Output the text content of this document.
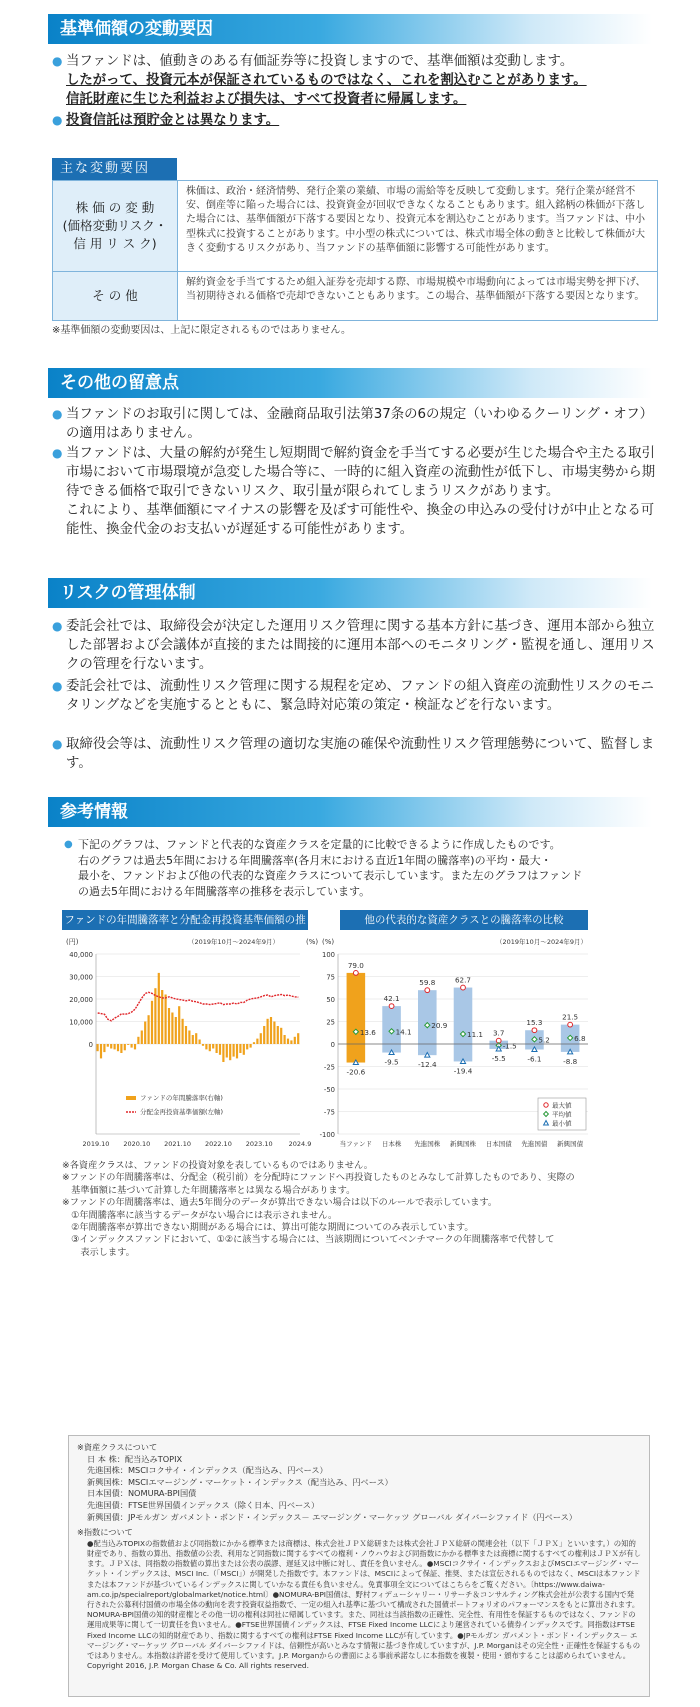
基準価額の変動要因
● 当ファンドは、値動きのある有価証券等に投資しますので、基準価額は変動します。
したがって、投資元本が保証されているものではなく、これを割込むことがあります。
信託財産に生じた利益および損失は、すべて投資者に帰属します。
● 投資信託は預貯金とは異なります。
主な変動要因
株 価 の 変 動
(価格変動リスク・
信 用 リ ス ク)
株価は、政治・経済情勢、発行企業の業績、市場の需給等を反映して変動します。発行企業が経営不安、倒産等に陥った場合には、投資資金が回収できなくなることもあります。組入銘柄の株価が下落した場合には、基準価額が下落する要因となり、投資元本を割込むことがあります。当ファンドは、中小型株式に投資することがあります。中小型の株式については、株式市場全体の動きと比較して株価が大きく変動するリスクがあり、当ファンドの基準価額に影響する可能性があります。
そ の 他
解約資金を手当てするため組入証券を売却する際、市場規模や市場動向によっては市場実勢を押下げ、当初期待される価格で売却できないこともあります。この場合、基準価額が下落する要因となります。
※基準価額の変動要因は、上記に限定されるものではありません。
その他の留意点
● 当ファンドのお取引に関しては、金融商品取引法第37条の6の規定（いわゆるクーリング・オフ）の適用はありません。
● 当ファンドは、大量の解約が発生し短期間で解約資金を手当てする必要が生じた場合や主たる取引市場において市場環境が急変した場合等に、一時的に組入資産の流動性が低下し、市場実勢から期待できる価格で取引できないリスク、取引量が限られてしまうリスクがあります。
これにより、基準価額にマイナスの影響を及ぼす可能性や、換金の申込みの受付けが中止となる可能性、換金代金のお支払いが遅延する可能性があります。
リスクの管理体制
● 委託会社では、取締役会が決定した運用リスク管理に関する基本方針に基づき、運用本部から独立した部署および会議体が直接的または間接的に運用本部へのモニタリング・監視を通し、運用リスクの管理を行ないます。
● 委託会社では、流動性リスク管理に関する規程を定め、ファンドの組入資産の流動性リスクのモニタリングなどを実施するとともに、緊急時対応策の策定・検証などを行ないます。
● 取締役会等は、流動性リスク管理の適切な実施の確保や流動性リスク管理態勢について、監督します。
参考情報
● 下記のグラフは、ファンドと代表的な資産クラスを定量的に比較できるように作成したものです。
右のグラフは過去5年間における年間騰落率(各月末における直近1年間の騰落率)の平均・最大・
最小を、ファンドおよび他の代表的な資産クラスについて表示しています。また左のグラフはファンド
の過去5年間における年間騰落率の推移を表示しています。
ファンドの年間騰落率と分配金再投資基準価額の推移
(円)	（2019年10月～2024年9月）	(%)
40,000
30,000
20,000
10,000
0
2019.10 2020.10 2021.10 2022.10 2023.10 2024.9
ファンドの年間騰落率(右軸)
分配金再投資基準価額(左軸)
他の代表的な資産クラスとの騰落率の比較
(%)	（2019年10月～2024年9月）
100
75
50
25
0
-25
-50
-75
-100
79.0
13.6
-20.6
当ファンド
42.1
14.1
-9.5
日本株
59.8
20.9
-12.4
先進国株
62.7
11.1
-19.4
新興国株
3.7
-1.5
-5.5
日本国債
15.3
5.2
-6.1
先進国債
21.5
6.8
-8.8
新興国債
最大値
平均値
最小値
※各資産クラスは、ファンドの投資対象を表しているものではありません。
※ファンドの年間騰落率は、分配金（税引前）を分配時にファンドへ再投資したものとみなして計算したものであり、実際の
　基準価額に基づいて計算した年間騰落率とは異なる場合があります。
※ファンドの年間騰落率は、過去5年間分のデータが算出できない場合は以下のルールで表示しています。
　①年間騰落率に該当するデータがない場合には表示されません。
　②年間騰落率が算出できない期間がある場合には、算出可能な期間についてのみ表示しています。
　③インデックスファンドにおいて、①②に該当する場合には、当該期間についてベンチマークの年間騰落率で代替して
　　表示します。
※資産クラスについて
日 本 株：配当込みTOPIX
先進国株：MSCIコクサイ・インデックス（配当込み、円ベース）
新興国株：MSCIエマージング・マーケット・インデックス（配当込み、円ベース）
日本国債：NOMURA-BPI国債
先進国債：FTSE世界国債インデックス（除く日本、円ベース）
新興国債：JPモルガン ガバメント・ボンド・インデックス－ エマージング・マーケッツ グローバル ダイバーシファイド（円ベース）
※指数について
●配当込みTOPIXの指数値および同指数にかかる標準または商標は、株式会社ＪＰＸ総研または株式会社ＪＰＸ総研の関連会社（以下「ＪＰＸ」といいます。）の知的財産であり、指数の算出、指数値の公表、利用など同指数に関するすべての権利・ノウハウおよび同指数にかかる標準または商標に関するすべての権利はＪＰＸが有します。ＪＰＸは、同指数の指数値の算出または公表の誤謬、遅延又は中断に対し、責任を負いません。●MSCIコクサイ・インデックスおよびMSCIエマージング・マーケット・インデックスは、MSCI Inc.（「MSCI」）が開発した指数です。本ファンドは、MSCIによって保証、推奨、または宣伝されるものではなく、MSCIは本ファンドまたは本ファンドが基づいているインデックスに関していかなる責任も負いません。免責事項全文についてはこちらをご覧ください。〔https://www.daiwa-am.co.jp/specialreport/globalmarket/notice.html〕●NOMURA-BPI国債は、野村フィデューシャリー・リサーチ＆コンサルティング株式会社が公表する国内で発行された公募利付国債の市場全体の動向を表す投資収益指数で、一定の組入れ基準に基づいて構成された国債ポートフォリオのパフォーマンスをもとに算出されます。NOMURA-BPI国債の知的財産権とその他一切の権利は同社に帰属しています。また、同社は当該指数の正確性、完全性、有用性を保証するものではなく、ファンドの運用成果等に関して一切責任を負いません。●FTSE世界国債インデックスは、FTSE Fixed Income LLCにより運営されている債券インデックスです。同指数はFTSE Fixed Income LLCの知的財産であり、指数に関するすべての権利はFTSE Fixed Income LLCが有しています。●JPモルガン ガバメント・ボンド・インデックス－ エマージング・マーケッツ グローバル ダイバーシファイドは、信頼性が高いとみなす情報に基づき作成していますが、J.P. Morganはその完全性・正確性を保証するものではありません。本指数は許諾を受けて使用しています。J.P. Morganからの書面による事前承諾なしに本指数を複製・使用・頒布することは認められていません。Copyright 2016, J.P. Morgan Chase & Co. All rights reserved.
